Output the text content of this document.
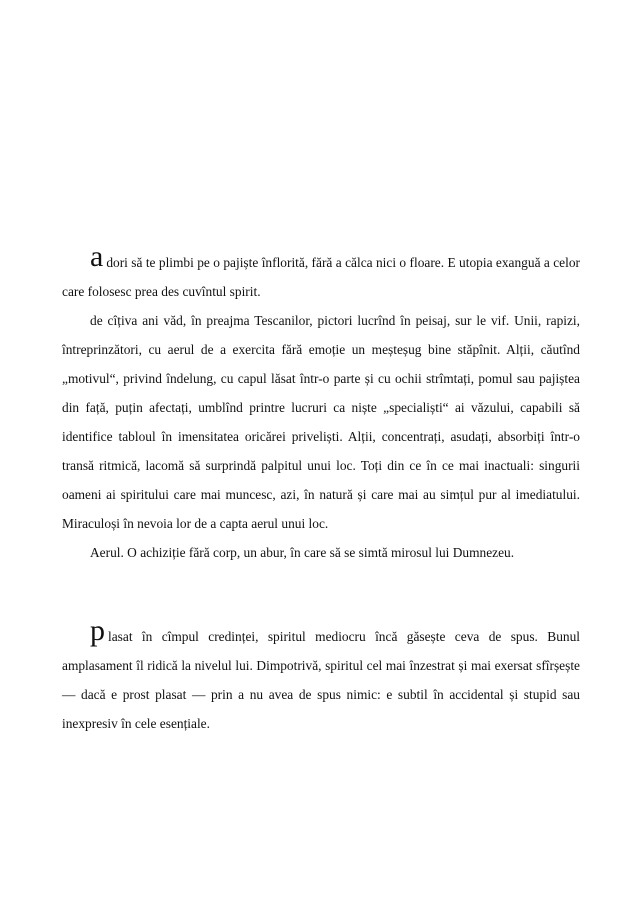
adori să te plimbi pe o pajiște înflorită, fără a călca nici o floare. E utopia exanguă a celor care folosesc prea des cuvîntul spirit.

de cîțiva ani văd, în preajma Tescanilor, pictori lucrînd în peisaj, sur le vif. Unii, rapizi, întreprinzători, cu aerul de a exercita fără emoție un meșteșug bine stăpînit. Alții, căutînd „motivul“, privind îndelung, cu capul lăsat într-o parte și cu ochii strîmtați, pomul sau pajiștea din față, puțin afectați, umblînd printre lucruri ca niște „specialiști“ ai văzului, capabili să identifice tabloul în imensitatea oricărei priveliști. Alții, concentrați, asudați, absorbiți într-o transă ritmică, lacomă să surprindă palpitul unui loc. Toți din ce în ce mai inactuali: singurii oameni ai spiritului care mai muncesc, azi, în natură și care mai au simțul pur al imediatului. Miraculoși în nevoia lor de a capta aerul unui loc.

Aerul. O achiziție fără corp, un abur, în care să se simtă mirosul lui Dumnezeu.

plasat în cîmpul credinței, spiritul mediocru încă găsește ceva de spus. Bunul amplasament îl ridică la nivelul lui. Dimpotrivă, spiritul cel mai înzestrat și mai exersat sfîrșește — dacă e prost plasat — prin a nu avea de spus nimic: e subtil în accidental și stupid sau inexpresiv în cele esențiale.
